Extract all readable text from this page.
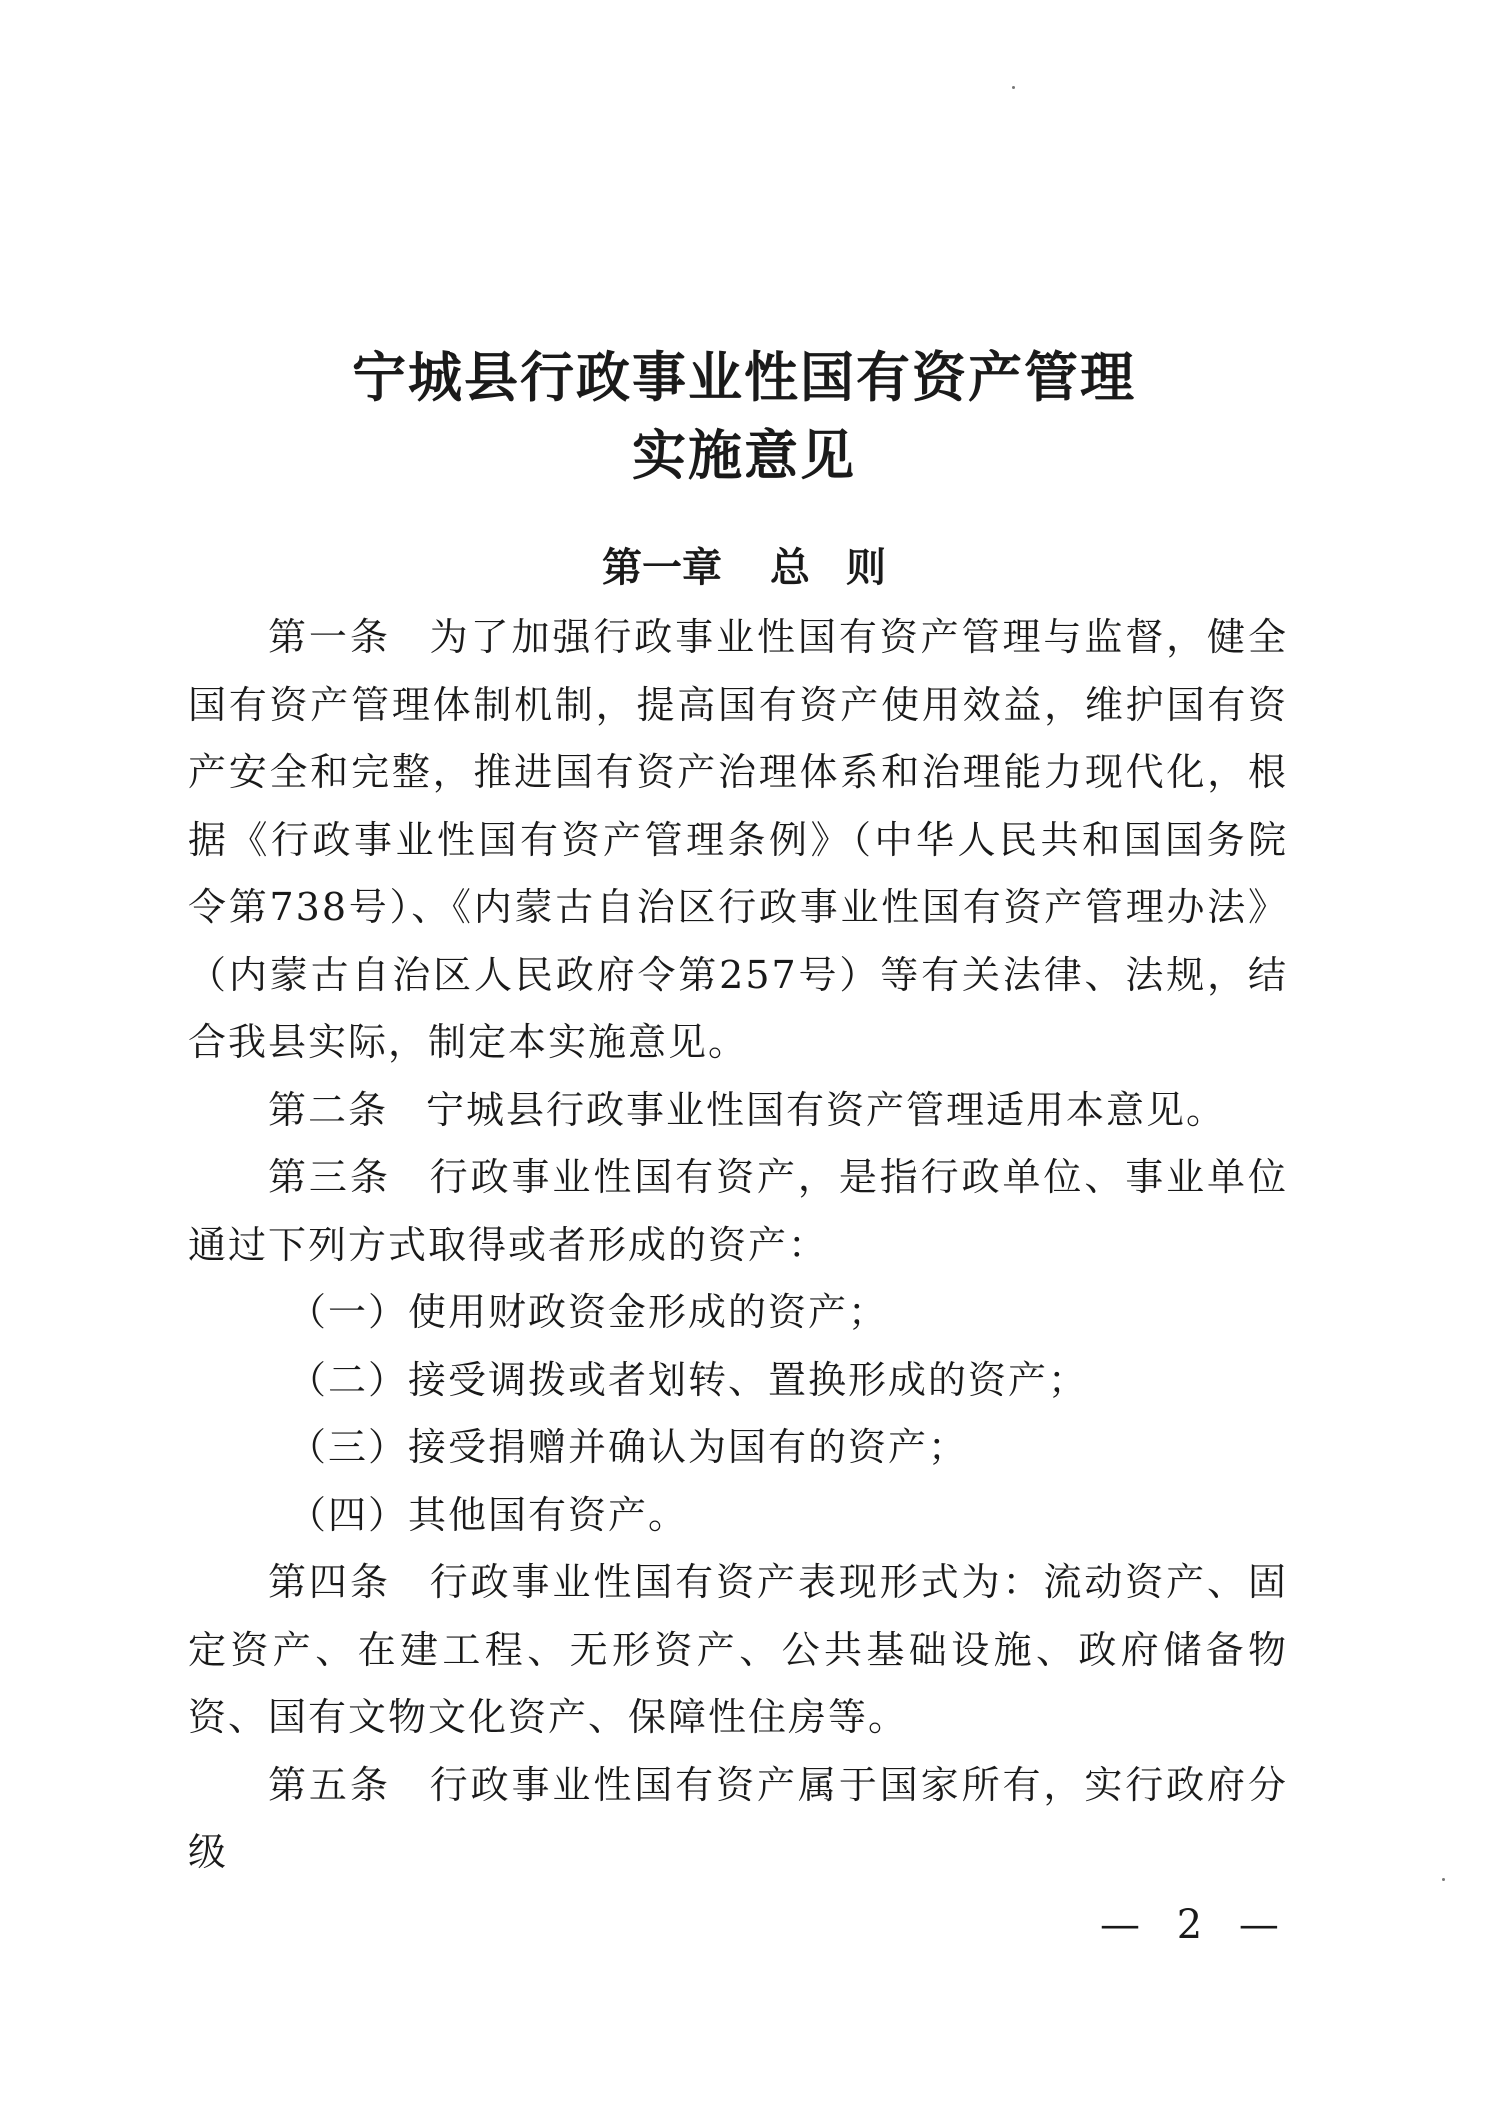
宁城县行政事业性国有资产管理
实施意见
第一章 总 则

第一条 为了加强行政事业性国有资产管理与监督，健全国有资产管理体制机制，提高国有资产使用效益，维护国有资产安全和完整，推进国有资产治理体系和治理能力现代化，根据《行政事业性国有资产管理条例》（中华人民共和国国务院令第738号）、《内蒙古自治区行政事业性国有资产管理办法》（内蒙古自治区人民政府令第257号）等有关法律、法规，结合我县实际，制定本实施意见。

第二条 宁城县行政事业性国有资产管理适用本意见。

第三条 行政事业性国有资产，是指行政单位、事业单位通过下列方式取得或者形成的资产：

（一）使用财政资金形成的资产；

（二）接受调拨或者划转、置换形成的资产；

（三）接受捐赠并确认为国有的资产；

（四）其他国有资产。

第四条 行政事业性国有资产表现形式为：流动资产、固定资产、在建工程、无形资产、公共基础设施、政府储备物资、国有文物文化资产、保障性住房等。

第五条 行政事业性国有资产属于国家所有，实行政府分级

— 2 —
